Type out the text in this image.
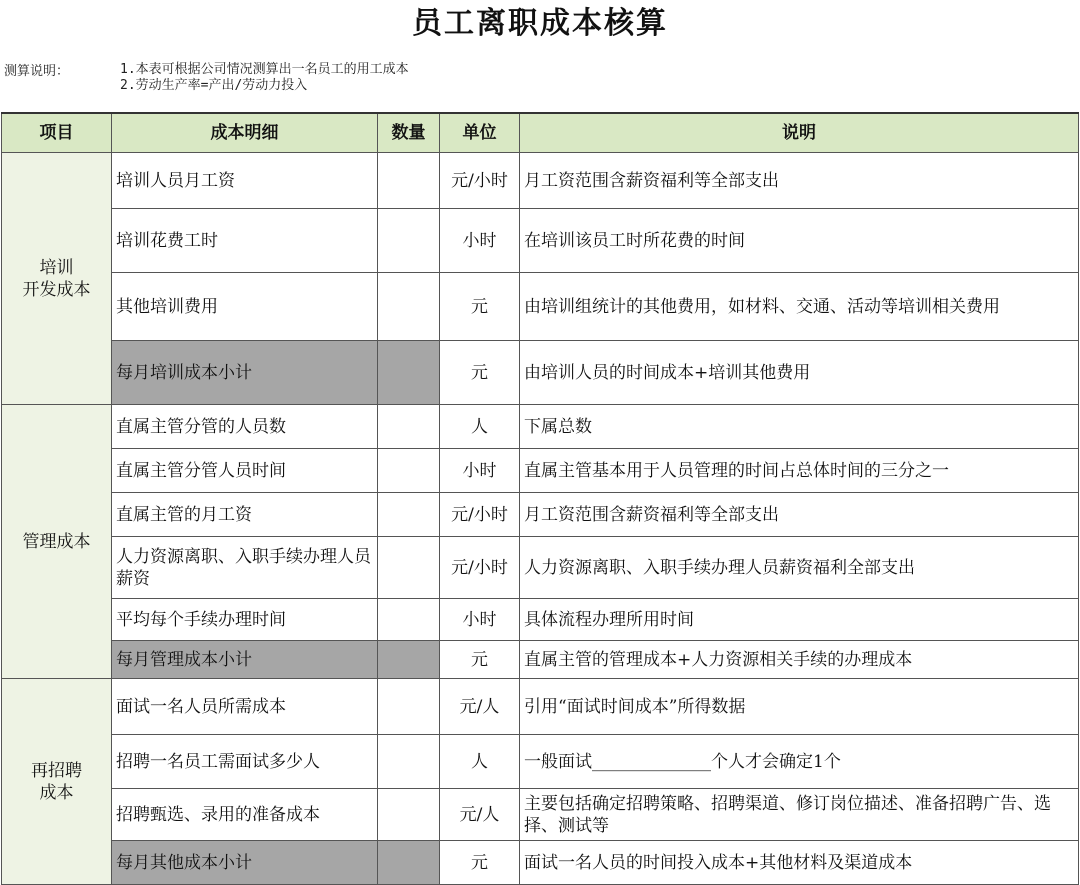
员工离职成本核算
测算说明：	1.本表可根据公司情况测算出一名员工的用工成本
2.劳动生产率=产出/劳动力投入
项目	成本明细	数量	单位	说明
培训
开发成本	培训人员月工资		元/小时	月工资范围含薪资福利等全部支出
	培训花费工时		小时	在培训该员工时所花费的时间
	其他培训费用		元	由培训组统计的其他费用，如材料、交通、活动等培训相关费用
	每月培训成本小计		元	由培训人员的时间成本+培训其他费用
管理成本	直属主管分管的人员数		人	下属总数
	直属主管分管人员时间		小时	直属主管基本用于人员管理的时间占总体时间的三分之一
	直属主管的月工资		元/小时	月工资范围含薪资福利等全部支出
	人力资源离职、入职手续办理人员薪资		元/小时	人力资源离职、入职手续办理人员薪资福利全部支出
	平均每个手续办理时间		小时	具体流程办理所用时间
	每月管理成本小计		元	直属主管的管理成本+人力资源相关手续的办理成本
再招聘
成本	面试一名人员所需成本		元/人	引用“面试时间成本”所得数据
	招聘一名员工需面试多少人		人	一般面试______________个人才会确定1个
	招聘甄选、录用的准备成本		元/人	主要包括确定招聘策略、招聘渠道、修订岗位描述、准备招聘广告、选择、测试等
	每月其他成本小计		元	面试一名人员的时间投入成本+其他材料及渠道成本
